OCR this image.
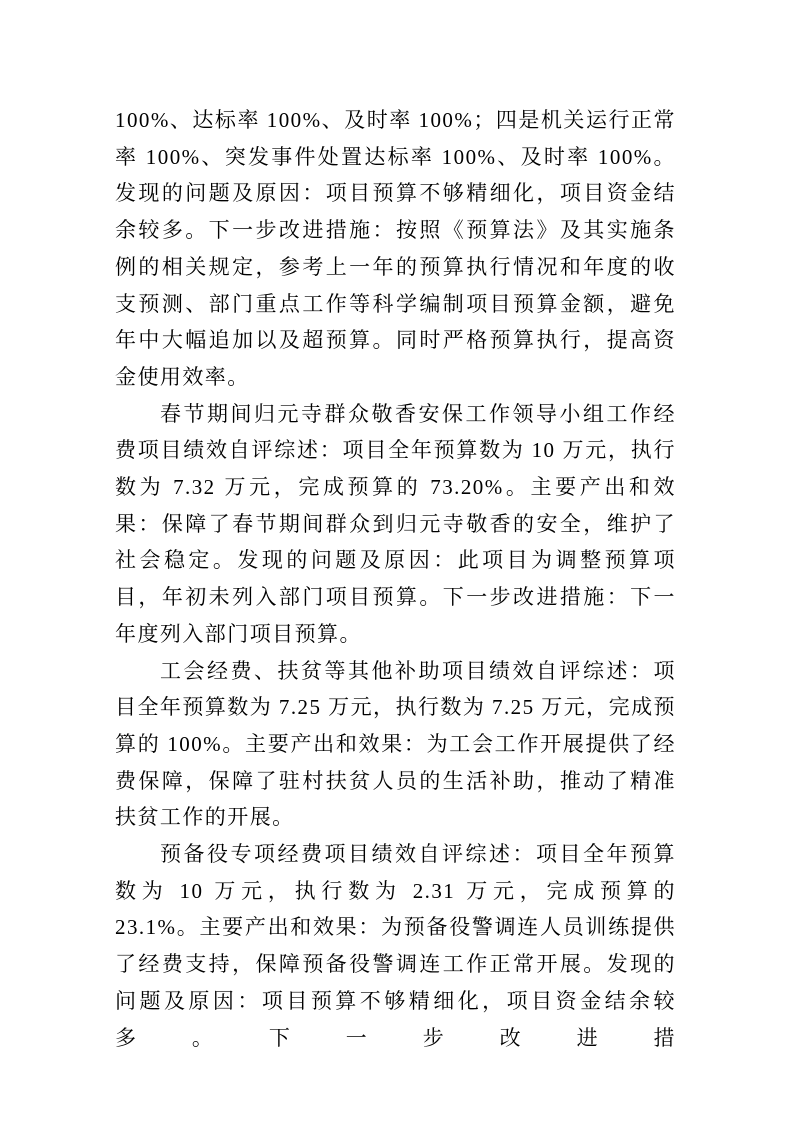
100%、达标率 100%、及时率 100%；四是机关运行正常率 100%、突发事件处置达标率 100%、及时率 100%。发现的问题及原因：项目预算不够精细化，项目资金结余较多。下一步改进措施：按照《预算法》及其实施条例的相关规定，参考上一年的预算执行情况和年度的收支预测、部门重点工作等科学编制项目预算金额，避免年中大幅追加以及超预算。同时严格预算执行，提高资金使用效率。

春节期间归元寺群众敬香安保工作领导小组工作经费项目绩效自评综述：项目全年预算数为 10 万元，执行数为 7.32 万元，完成预算的 73.20%。主要产出和效果：保障了春节期间群众到归元寺敬香的安全，维护了社会稳定。发现的问题及原因：此项目为调整预算项目，年初未列入部门项目预算。下一步改进措施：下一年度列入部门项目预算。

工会经费、扶贫等其他补助项目绩效自评综述：项目全年预算数为 7.25 万元，执行数为 7.25 万元，完成预算的 100%。主要产出和效果：为工会工作开展提供了经费保障，保障了驻村扶贫人员的生活补助，推动了精准扶贫工作的开展。

预备役专项经费项目绩效自评综述：项目全年预算数为 10 万元，执行数为 2.31 万元，完成预算的 23.1%。主要产出和效果：为预备役警调连人员训练提供了经费支持，保障预备役警调连工作正常开展。发现的问题及原因：项目预算不够精细化，项目资金结余较多。下一步改进措
